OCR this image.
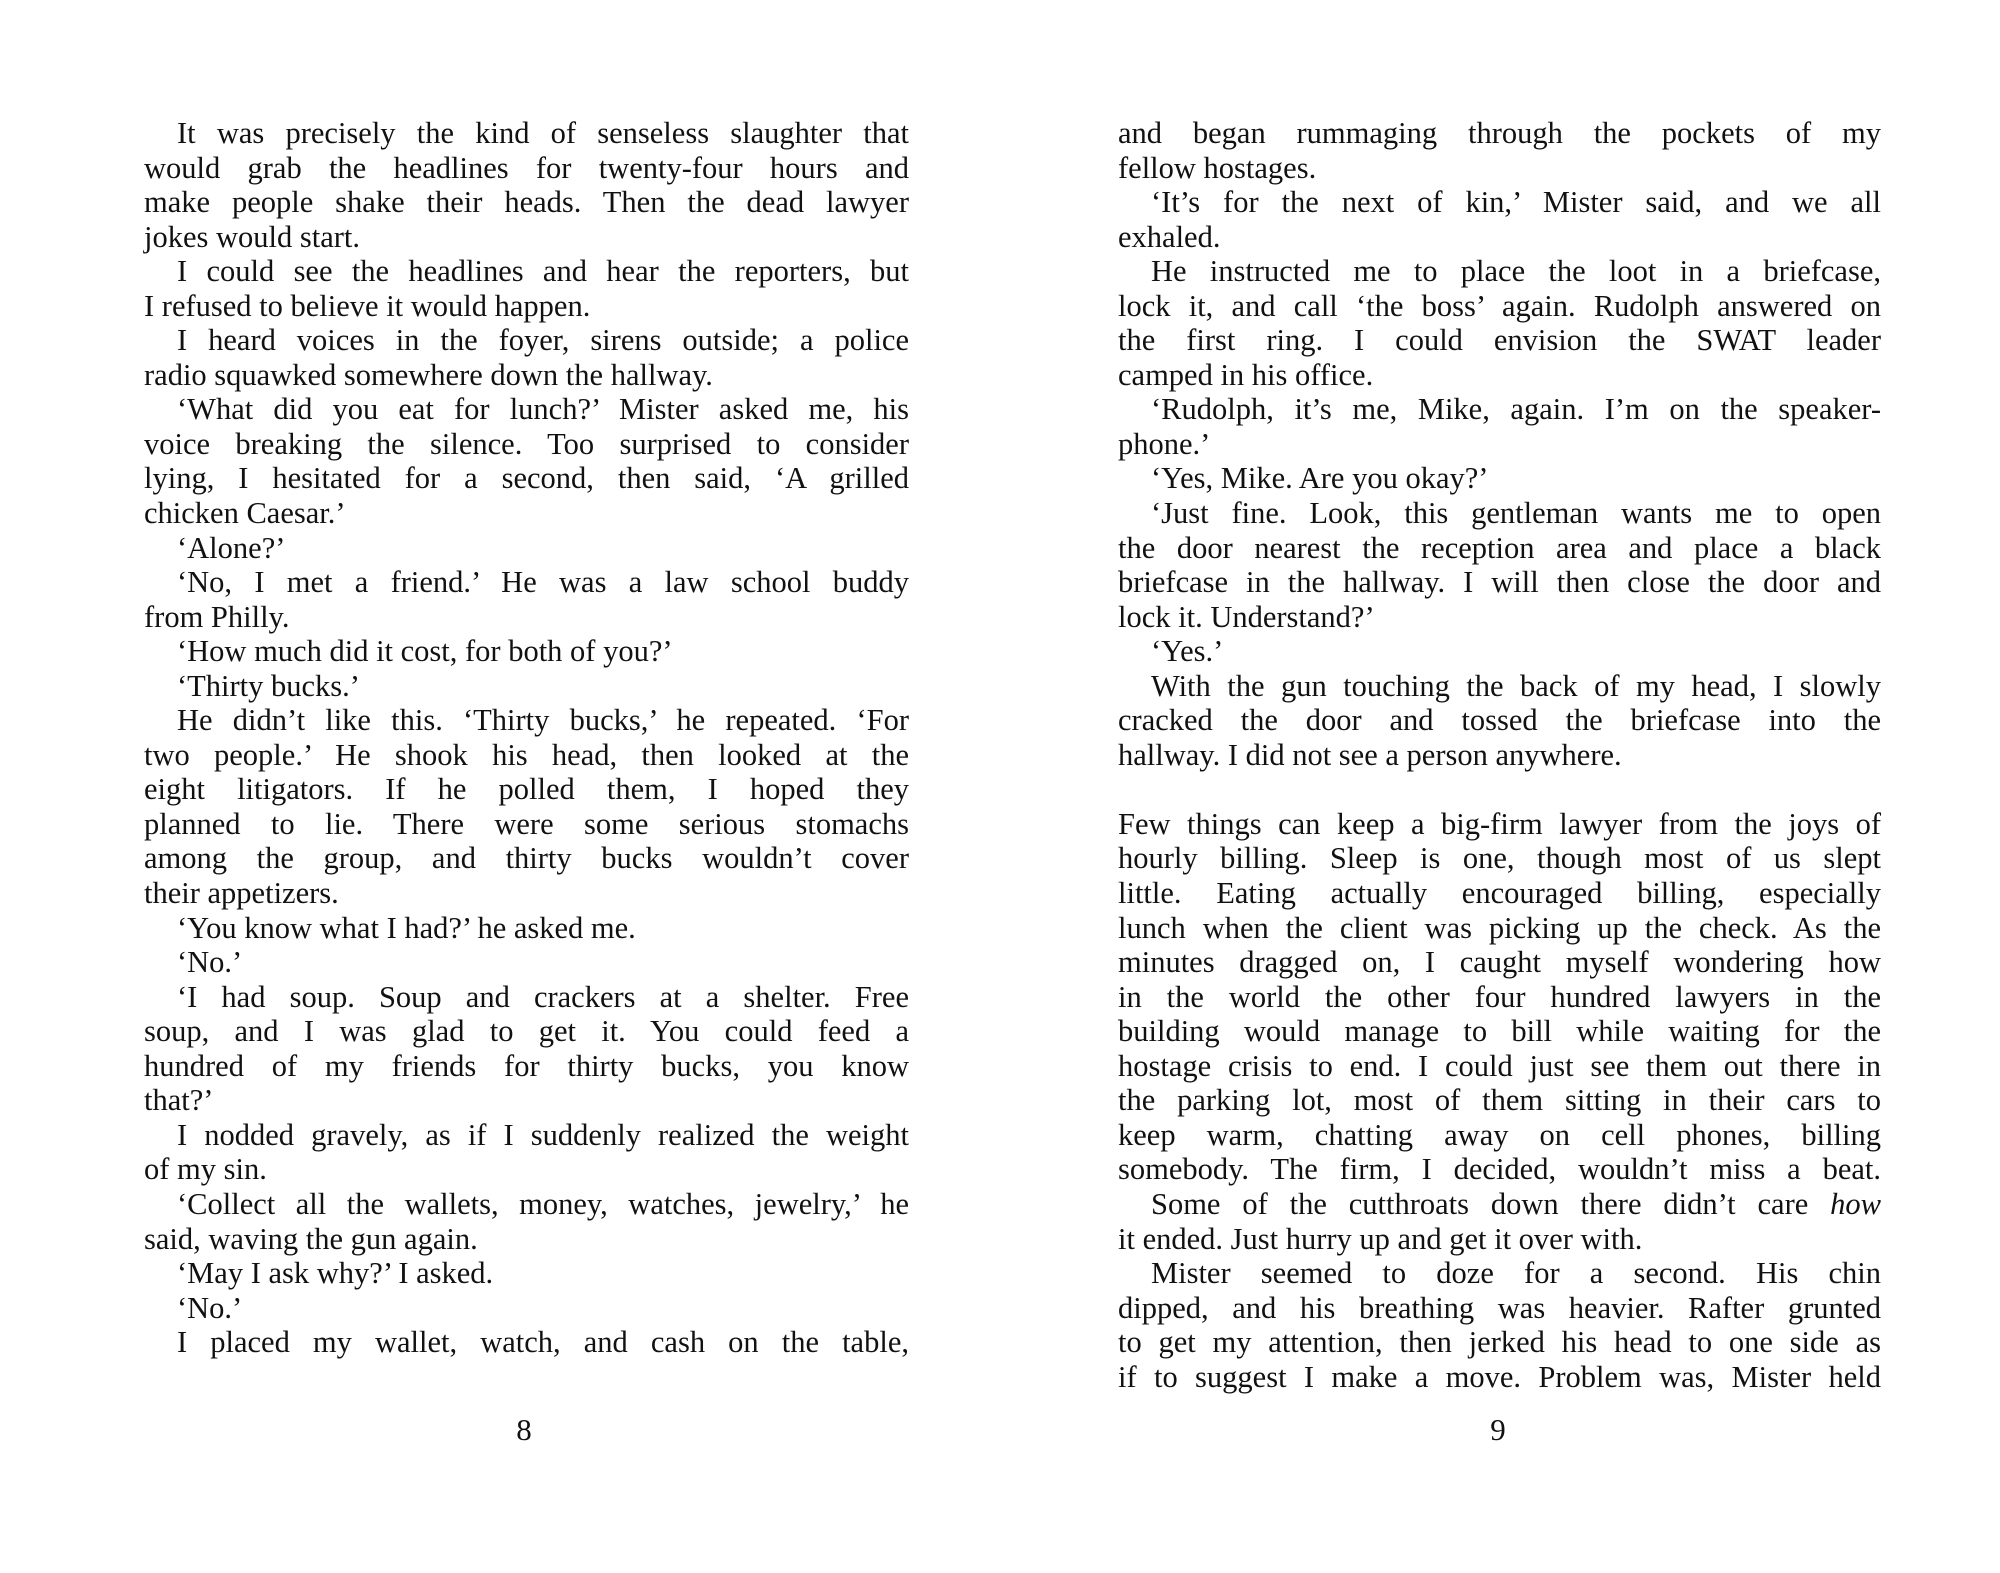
It was precisely the kind of senseless slaughter that
would grab the headlines for twenty-four hours and
make people shake their heads. Then the dead lawyer
jokes would start.
I could see the headlines and hear the reporters, but
I refused to believe it would happen.
I heard voices in the foyer, sirens outside; a police
radio squawked somewhere down the hallway.
‘What did you eat for lunch?’ Mister asked me, his
voice breaking the silence. Too surprised to consider
lying, I hesitated for a second, then said, ‘A grilled
chicken Caesar.’
‘Alone?’
‘No, I met a friend.’ He was a law school buddy
from Philly.
‘How much did it cost, for both of you?’
‘Thirty bucks.’
He didn’t like this. ‘Thirty bucks,’ he repeated. ‘For
two people.’ He shook his head, then looked at the
eight litigators. If he polled them, I hoped they
planned to lie. There were some serious stomachs
among the group, and thirty bucks wouldn’t cover
their appetizers.
‘You know what I had?’ he asked me.
‘No.’
‘I had soup. Soup and crackers at a shelter. Free
soup, and I was glad to get it. You could feed a
hundred of my friends for thirty bucks, you know
that?’
I nodded gravely, as if I suddenly realized the weight
of my sin.
‘Collect all the wallets, money, watches, jewelry,’ he
said, waving the gun again.
‘May I ask why?’ I asked.
‘No.’
I placed my wallet, watch, and cash on the table,
8
and began rummaging through the pockets of my
fellow hostages.
‘It’s for the next of kin,’ Mister said, and we all
exhaled.
He instructed me to place the loot in a briefcase,
lock it, and call ‘the boss’ again. Rudolph answered on
the first ring. I could envision the SWAT leader
camped in his office.
‘Rudolph, it’s me, Mike, again. I’m on the speaker-
phone.’
‘Yes, Mike. Are you okay?’
‘Just fine. Look, this gentleman wants me to open
the door nearest the reception area and place a black
briefcase in the hallway. I will then close the door and
lock it. Understand?’
‘Yes.’
With the gun touching the back of my head, I slowly
cracked the door and tossed the briefcase into the
hallway. I did not see a person anywhere.
Few things can keep a big-firm lawyer from the joys of
hourly billing. Sleep is one, though most of us slept
little. Eating actually encouraged billing, especially
lunch when the client was picking up the check. As the
minutes dragged on, I caught myself wondering how
in the world the other four hundred lawyers in the
building would manage to bill while waiting for the
hostage crisis to end. I could just see them out there in
the parking lot, most of them sitting in their cars to
keep warm, chatting away on cell phones, billing
somebody. The firm, I decided, wouldn’t miss a beat.
Some of the cutthroats down there didn’t care how
it ended. Just hurry up and get it over with.
Mister seemed to doze for a second. His chin
dipped, and his breathing was heavier. Rafter grunted
to get my attention, then jerked his head to one side as
if to suggest I make a move. Problem was, Mister held
9
